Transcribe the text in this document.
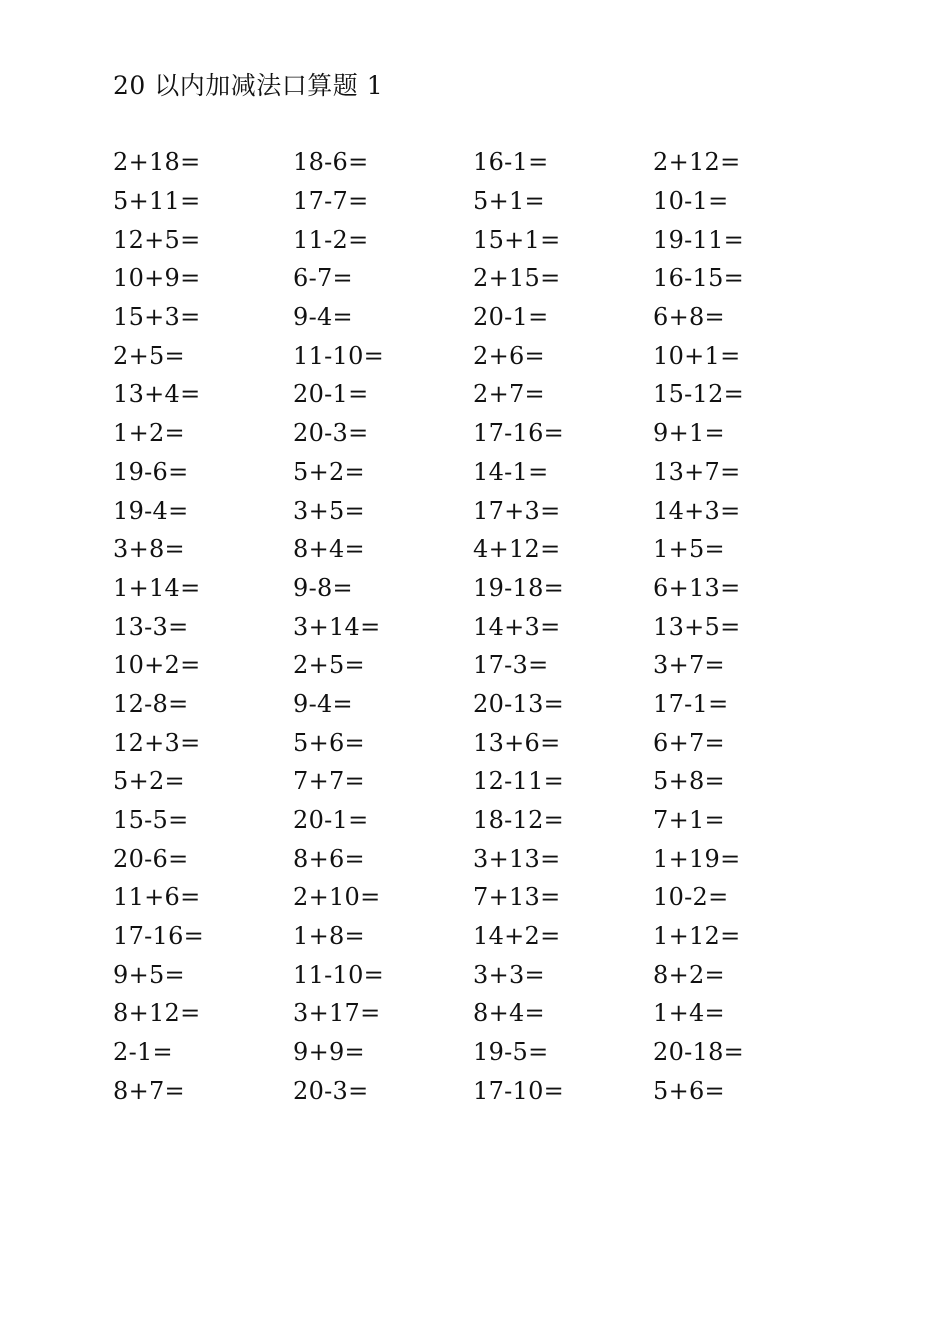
20 以内加减法口算题 1
2+18=	18-6=	16-1=	2+12=
5+11=	17-7=	5+1=	10-1=
12+5=	11-2=	15+1=	19-11=
10+9=	6-7=	2+15=	16-15=
15+3=	9-4=	20-1=	6+8=
2+5=	11-10=	2+6=	10+1=
13+4=	20-1=	2+7=	15-12=
1+2=	20-3=	17-16=	9+1=
19-6=	5+2=	14-1=	13+7=
19-4=	3+5=	17+3=	14+3=
3+8=	8+4=	4+12=	1+5=
1+14=	9-8=	19-18=	6+13=
13-3=	3+14=	14+3=	13+5=
10+2=	2+5=	17-3=	3+7=
12-8=	9-4=	20-13=	17-1=
12+3=	5+6=	13+6=	6+7=
5+2=	7+7=	12-11=	5+8=
15-5=	20-1=	18-12=	7+1=
20-6=	8+6=	3+13=	1+19=
11+6=	2+10=	7+13=	10-2=
17-16=	1+8=	14+2=	1+12=
9+5=	11-10=	3+3=	8+2=
8+12=	3+17=	8+4=	1+4=
2-1=	9+9=	19-5=	20-18=
8+7=	20-3=	17-10=	5+6=
